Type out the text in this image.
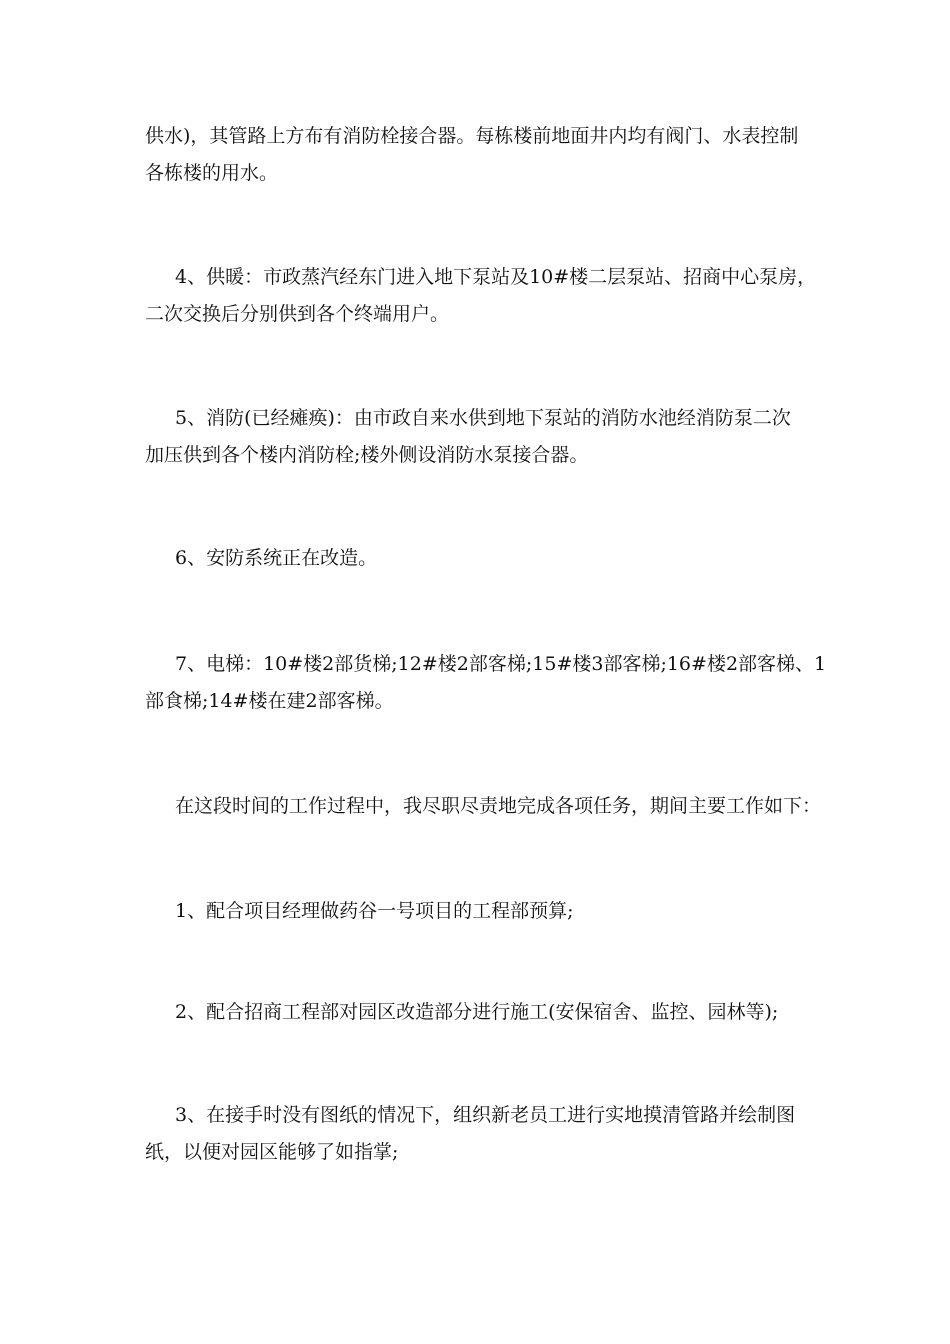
供水)，其管路上方布有消防栓接合器。每栋楼前地面井内均有阀门、水表控制
各栋楼的用水。

4、供暖：市政蒸汽经东门进入地下泵站及10#楼二层泵站、招商中心泵房，
二次交换后分别供到各个终端用户。

5、消防(已经瘫痪)：由市政自来水供到地下泵站的消防水池经消防泵二次
加压供到各个楼内消防栓;楼外侧设消防水泵接合器。

6、安防系统正在改造。

7、电梯：10#楼2部货梯;12#楼2部客梯;15#楼3部客梯;16#楼2部客梯、1
部食梯;14#楼在建2部客梯。

在这段时间的工作过程中，我尽职尽责地完成各项任务，期间主要工作如下：

1、配合项目经理做药谷一号项目的工程部预算;

2、配合招商工程部对园区改造部分进行施工(安保宿舍、监控、园林等);

3、在接手时没有图纸的情况下，组织新老员工进行实地摸清管路并绘制图
纸，以便对园区能够了如指掌;
